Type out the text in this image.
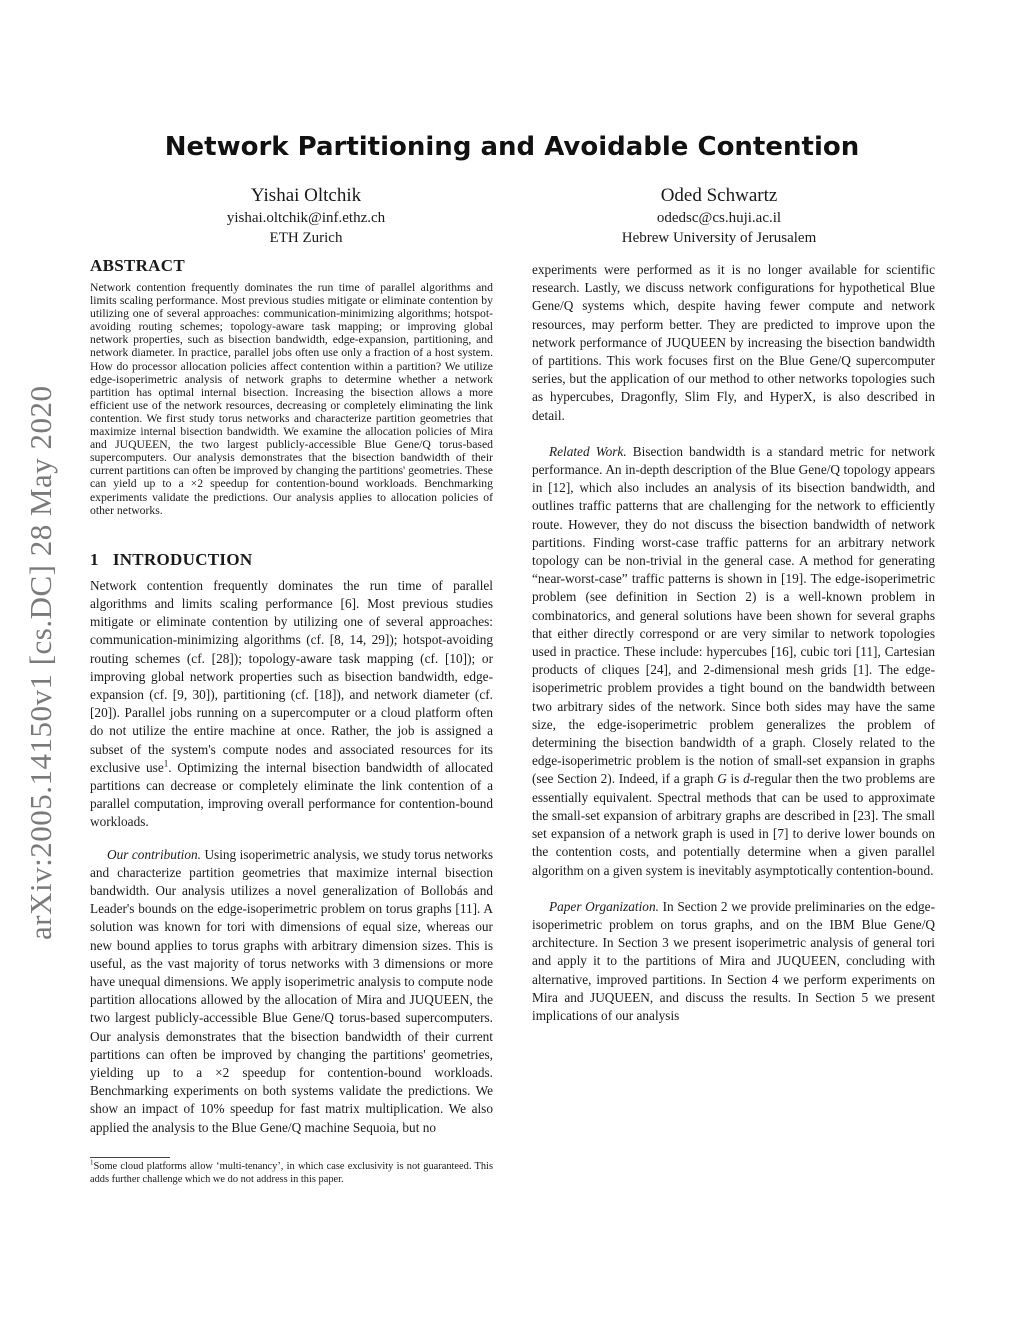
arXiv:2005.14150v1 [cs.DC] 28 May 2020
Network Partitioning and Avoidable Contention
Yishai Oltchik
yishai.oltchik@inf.ethz.ch
ETH Zurich
Oded Schwartz
odedsc@cs.huji.ac.il
Hebrew University of Jerusalem
ABSTRACT

Network contention frequently dominates the run time of parallel algorithms and limits scaling performance. Most previous studies mitigate or eliminate contention by utilizing one of several approaches: communication-minimizing algorithms; hotspot-avoiding routing schemes; topology-aware task mapping; or improving global network properties, such as bisection bandwidth, edge-expansion, partitioning, and network diameter. In practice, parallel jobs often use only a fraction of a host system. How do processor allocation policies affect contention within a partition? We utilize edge-isoperimetric analysis of network graphs to determine whether a network partition has optimal internal bisection. Increasing the bisection allows a more efficient use of the network resources, decreasing or completely eliminating the link contention. We first study torus networks and characterize partition geometries that maximize internal bisection bandwidth. We examine the allocation policies of Mira and JUQUEEN, the two largest publicly-accessible Blue Gene/Q torus-based supercomputers. Our analysis demonstrates that the bisection bandwidth of their current partitions can often be improved by changing the partitions' geometries. These can yield up to a ×2 speedup for contention-bound workloads. Benchmarking experiments validate the predictions. Our analysis applies to allocation policies of other networks.

1 INTRODUCTION

Network contention frequently dominates the run time of parallel algorithms and limits scaling performance [6]. Most previous studies mitigate or eliminate contention by utilizing one of several approaches: communication-minimizing algorithms (cf. [8, 14, 29]); hotspot-avoiding routing schemes (cf. [28]); topology-aware task mapping (cf. [10]); or improving global network properties such as bisection bandwidth, edge-expansion (cf. [9, 30]), partitioning (cf. [18]), and network diameter (cf. [20]). Parallel jobs running on a supercomputer or a cloud platform often do not utilize the entire machine at once. Rather, the job is assigned a subset of the system's compute nodes and associated resources for its exclusive use$^1$. Optimizing the internal bisection bandwidth of allocated partitions can decrease or completely eliminate the link contention of a parallel computation, improving overall performance for contention-bound workloads.

Our contribution. Using isoperimetric analysis, we study torus networks and characterize partition geometries that maximize internal bisection bandwidth. Our analysis utilizes a novel generalization of Bollobás and Leader's bounds on the edge-isoperimetric problem on torus graphs [11]. A solution was known for tori with dimensions of equal size, whereas our new bound applies to torus graphs with arbitrary dimension sizes. This is useful, as the vast majority of torus networks with 3 dimensions or more have unequal dimensions. We apply isoperimetric analysis to compute node partition allocations allowed by the allocation of Mira and JUQUEEN, the two largest publicly-accessible Blue Gene/Q torus-based supercomputers. Our analysis demonstrates that the bisection bandwidth of their current partitions can often be improved by changing the partitions' geometries, yielding up to a ×2 speedup for contention-bound workloads. Benchmarking experiments on both systems validate the predictions. We show an impact of 10% speedup for fast matrix multiplication. We also applied the analysis to the Blue Gene/Q machine Sequoia, but no

$^1$Some cloud platforms allow ‘multi-tenancy’, in which case exclusivity is not guaranteed. This adds further challenge which we do not address in this paper.

experiments were performed as it is no longer available for scientific research. Lastly, we discuss network configurations for hypothetical Blue Gene/Q systems which, despite having fewer compute and network resources, may perform better. They are predicted to improve upon the network performance of JUQUEEN by increasing the bisection bandwidth of partitions. This work focuses first on the Blue Gene/Q supercomputer series, but the application of our method to other networks topologies such as hypercubes, Dragonfly, Slim Fly, and HyperX, is also described in detail.

Related Work. Bisection bandwidth is a standard metric for network performance. An in-depth description of the Blue Gene/Q topology appears in [12], which also includes an analysis of its bisection bandwidth, and outlines traffic patterns that are challenging for the network to efficiently route. However, they do not discuss the bisection bandwidth of network partitions. Finding worst-case traffic patterns for an arbitrary network topology can be non-trivial in the general case. A method for generating “near-worst-case” traffic patterns is shown in [19]. The edge-isoperimetric problem (see definition in Section 2) is a well-known problem in combinatorics, and general solutions have been shown for several graphs that either directly correspond or are very similar to network topologies used in practice. These include: hypercubes [16], cubic tori [11], Cartesian products of cliques [24], and 2-dimensional mesh grids [1]. The edge-isoperimetric problem provides a tight bound on the bandwidth between two arbitrary sides of the network. Since both sides may have the same size, the edge-isoperimetric problem generalizes the problem of determining the bisection bandwidth of a graph. Closely related to the edge-isoperimetric problem is the notion of small-set expansion in graphs (see Section 2). Indeed, if a graph G is d-regular then the two problems are essentially equivalent. Spectral methods that can be used to approximate the small-set expansion of arbitrary graphs are described in [23]. The small set expansion of a network graph is used in [7] to derive lower bounds on the contention costs, and potentially determine when a given parallel algorithm on a given system is inevitably asymptotically contention-bound.

Paper Organization. In Section 2 we provide preliminaries on the edge-isoperimetric problem on torus graphs, and on the IBM Blue Gene/Q architecture. In Section 3 we present isoperimetric analysis of general tori and apply it to the partitions of Mira and JUQUEEN, concluding with alternative, improved partitions. In Section 4 we perform experiments on Mira and JUQUEEN, and discuss the results. In Section 5 we present implications of our analysis
